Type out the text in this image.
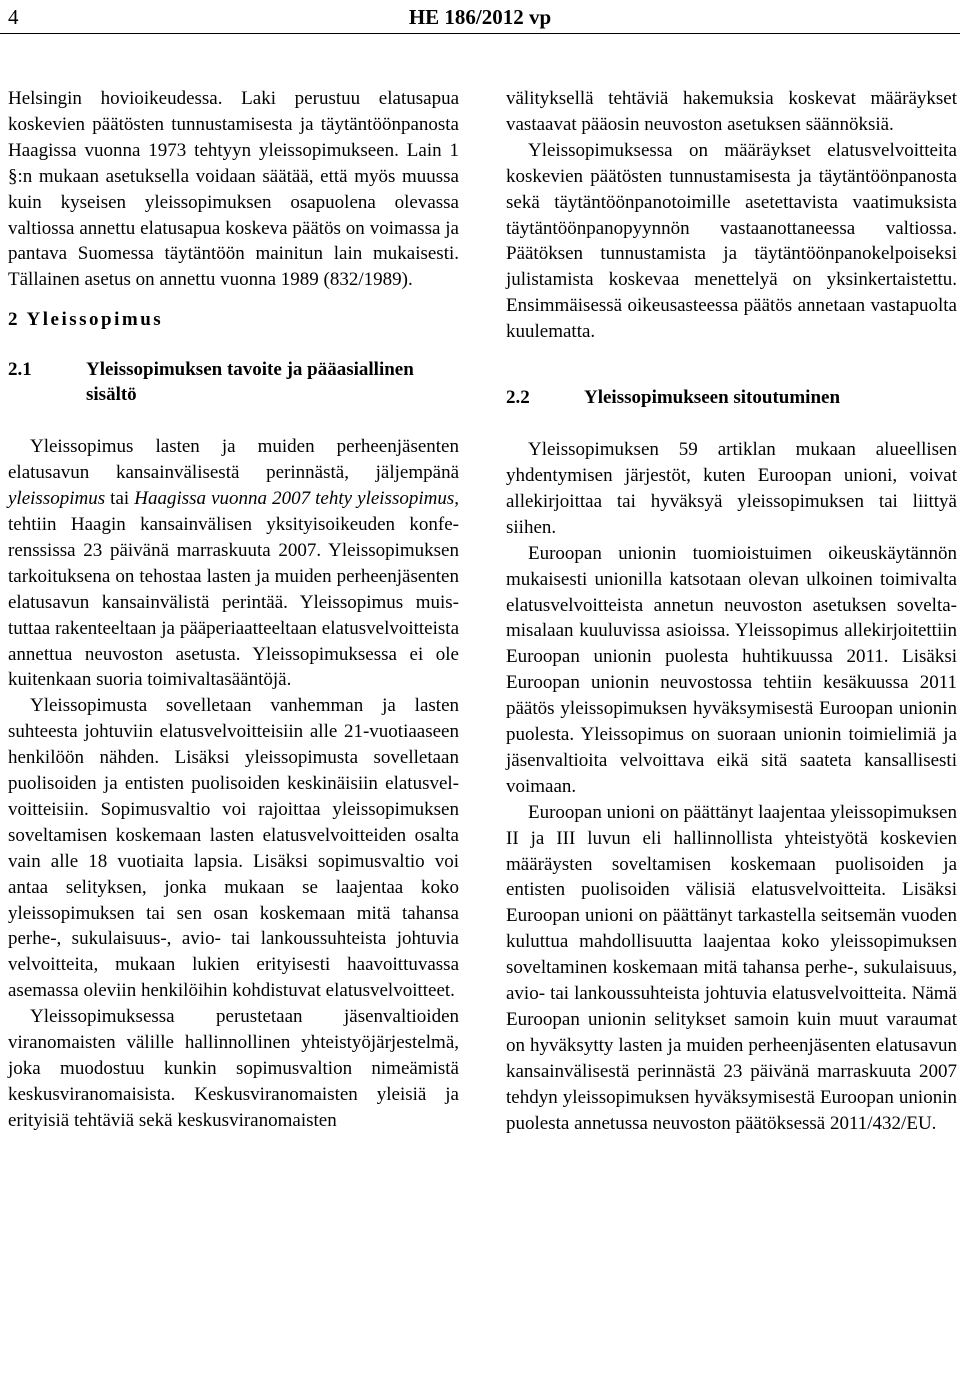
4	HE 186/2012 vp

Helsingin hovioikeudessa. Laki perustuu elatusapua koskevien päätösten tunnustamisesta ja täytäntöönpanosta Haagissa vuonna 1973 tehtyyn yleissopimukseen. Lain 1 §:n mukaan asetuksella voidaan säätää, että myös muussa kuin kyseisen yleissopimuksen osapuolena olevassa valtiossa annettu elatusapua koskeva päätös on voimassa ja pantava Suomessa täytäntöön mainitun lain mukaisesti. Tällainen asetus on annettu vuonna 1989 (832/1989).

2 Yleissopimus
2.1	Yleissopimuksen tavoite ja pääasiallinen sisältö

Yleissopimus lasten ja muiden perheenjäsenten elatusavun kansainvälisestä perinnästä, jäljempänä yleissopimus tai Haagissa vuonna 2007 tehty yleissopimus, tehtiin Haagin kansainvälisen yksityisoikeuden konferenssissa 23 päivänä marraskuuta 2007. Yleissopimuksen tarkoituksena on tehostaa lasten ja muiden perheenjäsenten elatusavun kansainvälistä perintää. Yleissopimus muistuttaa rakenteeltaan ja pääperiaatteeltaan elatusvelvoitteista annettua neuvoston asetusta. Yleissopimuksessa ei ole kuitenkaan suoria toimivaltasääntöjä.

Yleissopimusta sovelletaan vanhemman ja lasten suhteesta johtuviin elatusvelvoitteisiin alle 21-vuotiaaseen henkilöön nähden. Lisäksi yleissopimusta sovelletaan puolisoiden ja entisten puolisoiden keskinäisiin elatusvelvoitteisiin. Sopimusvaltio voi rajoittaa yleissopimuksen soveltamisen koskemaan lasten elatusvelvoitteiden osalta vain alle 18 vuotiaita lapsia. Lisäksi sopimusvaltio voi antaa selityksen, jonka mukaan se laajentaa koko yleissopimuksen tai sen osan koskemaan mitä tahansa perhe-, sukulaisuus-, avio- tai lankoussuhteista johtuvia velvoitteita, mukaan lukien erityisesti haavoittuvassa asemassa oleviin henkilöihin kohdistuvat elatusvelvoitteet.

Yleissopimuksessa perustetaan jäsenvaltioiden viranomaisten välille hallinnollinen yhteistyöjärjestelmä, joka muodostuu kunkin sopimusvaltion nimeämistä keskusviranomaisista. Keskusviranomaisten yleisiä ja erityisiä tehtäviä sekä keskusviranomaisten

välityksellä tehtäviä hakemuksia koskevat määräykset vastaavat pääosin neuvoston asetuksen säännöksiä.

Yleissopimuksessa on määräykset elatusvelvoitteita koskevien päätösten tunnustamisesta ja täytäntöönpanosta sekä täytäntöönpanotoimille asetettavista vaatimuksista täytäntöönpanopyynnön vastaanottaneessa valtiossa. Päätöksen tunnustamista ja täytäntöönpanokelpoiseksi julistamista koskevaa menettelyä on yksinkertaistettu. Ensimmäisessä oikeusasteessa päätös annetaan vastapuolta kuulematta.

2.2	Yleissopimukseen sitoutuminen

Yleissopimuksen 59 artiklan mukaan alueellisen yhdentymisen järjestöt, kuten Euroopan unioni, voivat allekirjoittaa tai hyväksyä yleissopimuksen tai liittyä siihen.

Euroopan unionin tuomioistuimen oikeuskäytännön mukaisesti unionilla katsotaan olevan ulkoinen toimivalta elatusvelvoitteista annetun neuvoston asetuksen soveltamisalaan kuuluvissa asioissa. Yleissopimus allekirjoitettiin Euroopan unionin puolesta huhtikuussa 2011. Lisäksi Euroopan unionin neuvostossa tehtiin kesäkuussa 2011 päätös yleissopimuksen hyväksymisestä Euroopan unionin puolesta. Yleissopimus on suoraan unionin toimielimiä ja jäsenvaltioita velvoittava eikä sitä saateta kansallisesti voimaan.

Euroopan unioni on päättänyt laajentaa yleissopimuksen II ja III luvun eli hallinnollista yhteistyötä koskevien määräysten soveltamisen koskemaan puolisoiden ja entisten puolisoiden välisiä elatusvelvoitteita. Lisäksi Euroopan unioni on päättänyt tarkastella seitsemän vuoden kuluttua mahdollisuutta laajentaa koko yleissopimuksen soveltaminen koskemaan mitä tahansa perhe-, sukulaisuus, avio- tai lankoussuhteista johtuvia elatusvelvoitteita. Nämä Euroopan unionin selitykset samoin kuin muut varaumat on hyväksytty lasten ja muiden perheenjäsenten elatusavun kansainvälisestä perinnästä 23 päivänä marraskuuta 2007 tehdyn yleissopimuksen hyväksymisestä Euroopan unionin puolesta annetussa neuvoston päätöksessä 2011/432/EU.
